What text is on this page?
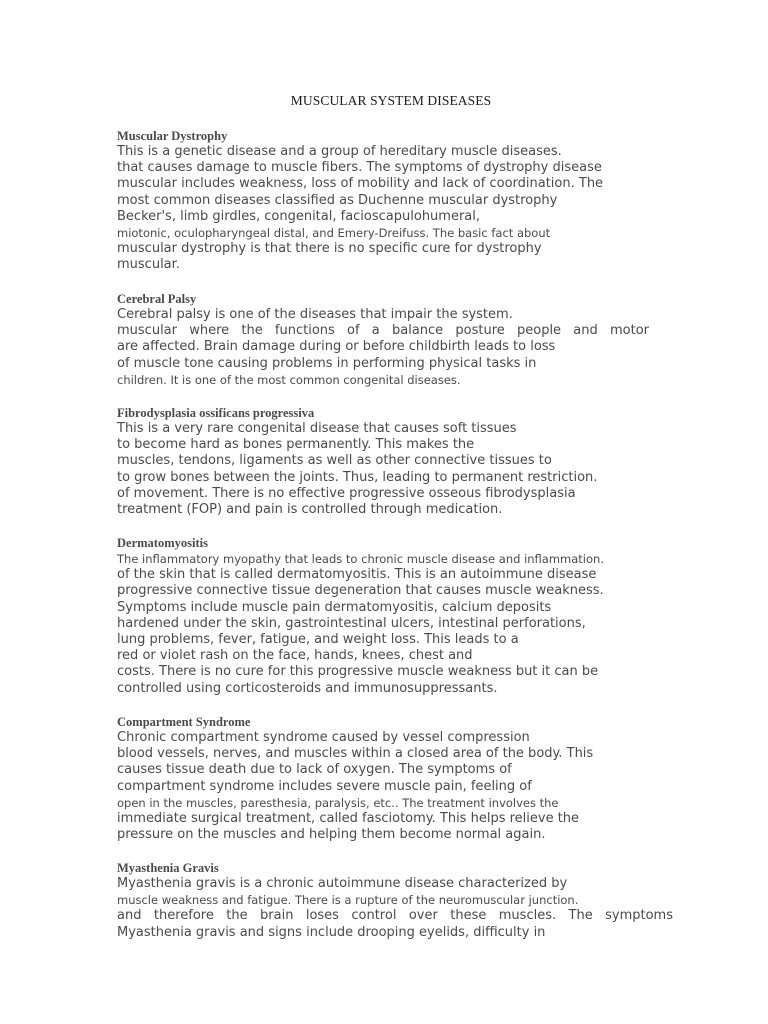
MUSCULAR SYSTEM DISEASES
Muscular Dystrophy
This is a genetic disease and a group of hereditary muscle diseases.
that causes damage to muscle fibers. The symptoms of dystrophy disease
muscular includes weakness, loss of mobility and lack of coordination. The
most common diseases classified as Duchenne muscular dystrophy
Becker's, limb girdles, congenital, facioscapulohumeral,
miotonic, oculopharyngeal distal, and Emery-Dreifuss. The basic fact about
muscular dystrophy is that there is no specific cure for dystrophy
muscular.
Cerebral Palsy
Cerebral palsy is one of the diseases that impair the system.
muscular where the functions of a balance posture people and motor
are affected. Brain damage during or before childbirth leads to loss
of muscle tone causing problems in performing physical tasks in
children. It is one of the most common congenital diseases.
Fibrodysplasia ossificans progressiva
This is a very rare congenital disease that causes soft tissues
to become hard as bones permanently. This makes the
muscles, tendons, ligaments as well as other connective tissues to
to grow bones between the joints. Thus, leading to permanent restriction.
of movement. There is no effective progressive osseous fibrodysplasia
treatment (FOP) and pain is controlled through medication.
Dermatomyositis
The inflammatory myopathy that leads to chronic muscle disease and inflammation.
of the skin that is called dermatomyositis. This is an autoimmune disease
progressive connective tissue degeneration that causes muscle weakness.
Symptoms include muscle pain dermatomyositis, calcium deposits
hardened under the skin, gastrointestinal ulcers, intestinal perforations,
lung problems, fever, fatigue, and weight loss. This leads to a
red or violet rash on the face, hands, knees, chest and
costs. There is no cure for this progressive muscle weakness but it can be
controlled using corticosteroids and immunosuppressants.
Compartment Syndrome
Chronic compartment syndrome caused by vessel compression
blood vessels, nerves, and muscles within a closed area of the body. This
causes tissue death due to lack of oxygen. The symptoms of
compartment syndrome includes severe muscle pain, feeling of
open in the muscles, paresthesia, paralysis, etc.. The treatment involves the
immediate surgical treatment, called fasciotomy. This helps relieve the
pressure on the muscles and helping them become normal again.
Myasthenia Gravis
Myasthenia gravis is a chronic autoimmune disease characterized by
muscle weakness and fatigue. There is a rupture of the neuromuscular junction.
and therefore the brain loses control over these muscles. The symptoms
Myasthenia gravis and signs include drooping eyelids, difficulty in
